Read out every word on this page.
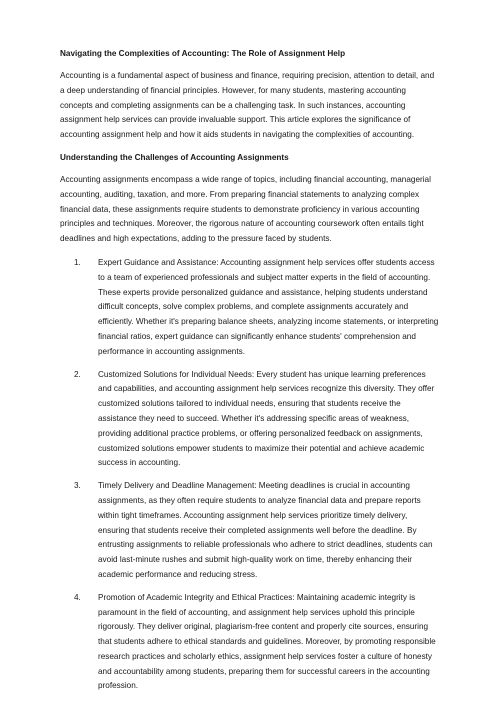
Navigating the Complexities of Accounting: The Role of Assignment Help
Accounting is a fundamental aspect of business and finance, requiring precision, attention to detail, and a deep understanding of financial principles. However, for many students, mastering accounting concepts and completing assignments can be a challenging task. In such instances, accounting assignment help services can provide invaluable support. This article explores the significance of accounting assignment help and how it aids students in navigating the complexities of accounting.
Understanding the Challenges of Accounting Assignments
Accounting assignments encompass a wide range of topics, including financial accounting, managerial accounting, auditing, taxation, and more. From preparing financial statements to analyzing complex financial data, these assignments require students to demonstrate proficiency in various accounting principles and techniques. Moreover, the rigorous nature of accounting coursework often entails tight deadlines and high expectations, adding to the pressure faced by students.
1.	Expert Guidance and Assistance: Accounting assignment help services offer students access to a team of experienced professionals and subject matter experts in the field of accounting. These experts provide personalized guidance and assistance, helping students understand difficult concepts, solve complex problems, and complete assignments accurately and efficiently. Whether it's preparing balance sheets, analyzing income statements, or interpreting financial ratios, expert guidance can significantly enhance students' comprehension and performance in accounting assignments.
2.	Customized Solutions for Individual Needs: Every student has unique learning preferences and capabilities, and accounting assignment help services recognize this diversity. They offer customized solutions tailored to individual needs, ensuring that students receive the assistance they need to succeed. Whether it's addressing specific areas of weakness, providing additional practice problems, or offering personalized feedback on assignments, customized solutions empower students to maximize their potential and achieve academic success in accounting.
3.	Timely Delivery and Deadline Management: Meeting deadlines is crucial in accounting assignments, as they often require students to analyze financial data and prepare reports within tight timeframes. Accounting assignment help services prioritize timely delivery, ensuring that students receive their completed assignments well before the deadline. By entrusting assignments to reliable professionals who adhere to strict deadlines, students can avoid last-minute rushes and submit high-quality work on time, thereby enhancing their academic performance and reducing stress.
4.	Promotion of Academic Integrity and Ethical Practices: Maintaining academic integrity is paramount in the field of accounting, and assignment help services uphold this principle rigorously. They deliver original, plagiarism-free content and properly cite sources, ensuring that students adhere to ethical standards and guidelines. Moreover, by promoting responsible research practices and scholarly ethics, assignment help services foster a culture of honesty and accountability among students, preparing them for successful careers in the accounting profession.
